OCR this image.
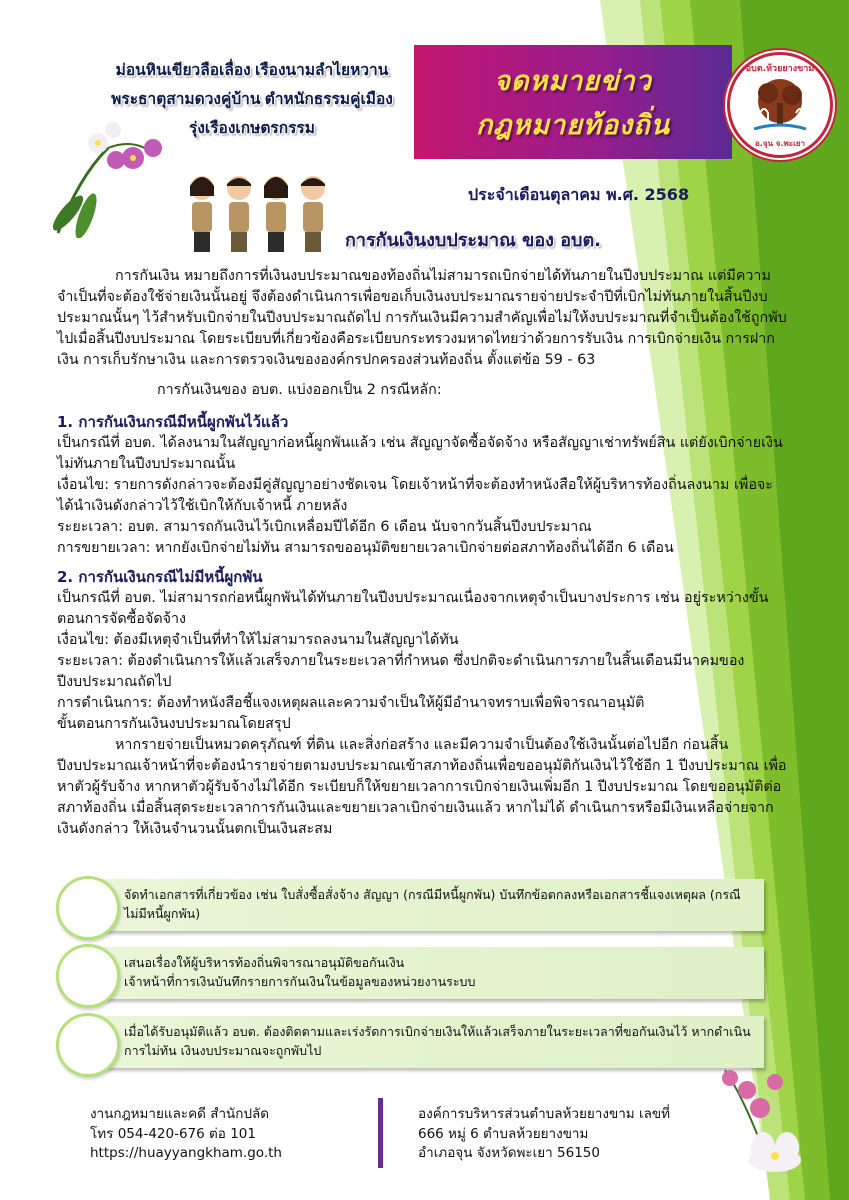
ม่อนหินเขียวลือเลื่อง เรืองนามลำไยหวาน
พระธาตุสามดวงคู่บ้าน ตำหนักธรรมคู่เมือง
รุ่งเรืองเกษตรกรรม
จดหมายข่าว
กฎหมายท้องถิ่น
อบต.ห้วยยางขาม
อ.จุน จ.พะเยา
ประจำเดือนตุลาคม พ.ศ. 2568
การกันเงินงบประมาณ ของ อบต.

การกันเงิน หมายถึงการที่เงินงบประมาณของท้องถิ่นไม่สามารถเบิกจ่ายได้ทันภายในปีงบประมาณ แต่มีความจำเป็นที่จะต้องใช้จ่ายเงินนั้นอยู่ จึงต้องดำเนินการเพื่อขอเก็บเงินงบประมาณรายจ่ายประจำปีที่เบิกไม่ทันภายในสิ้นปีงบประมาณนั้นๆ ไว้สำหรับเบิกจ่ายในปีงบประมาณถัดไป การกันเงินมีความสำคัญเพื่อไม่ให้งบประมาณที่จำเป็นต้องใช้ถูกพับไปเมื่อสิ้นปีงบประมาณ โดยระเบียบที่เกี่ยวข้องคือระเบียบกระทรวงมหาดไทยว่าด้วยการรับเงิน การเบิกจ่ายเงิน การฝากเงิน การเก็บรักษาเงิน และการตรวจเงินขององค์กรปกครองส่วนท้องถิ่น ตั้งแต่ข้อ 59 - 63

การกันเงินของ อบต. แบ่งออกเป็น 2 กรณีหลัก:

1. การกันเงินกรณีมีหนี้ผูกพันไว้แล้ว

เป็นกรณีที่ อบต. ได้ลงนามในสัญญาก่อหนี้ผูกพันแล้ว เช่น สัญญาจัดซื้อจัดจ้าง หรือสัญญาเช่าทรัพย์สิน แต่ยังเบิกจ่ายเงินไม่ทันภายในปีงบประมาณนั้น

เงื่อนไข: รายการดังกล่าวจะต้องมีคู่สัญญาอย่างชัดเจน โดยเจ้าหน้าที่จะต้องทำหนังสือให้ผู้บริหารท้องถิ่นลงนาม เพื่อจะได้นำเงินดังกล่าวไว้ใช้เบิกให้กับเจ้าหนี้ ภายหลัง

ระยะเวลา: อบต. สามารถกันเงินไว้เบิกเหลื่อมปีได้อีก 6 เดือน นับจากวันสิ้นปีงบประมาณ

การขยายเวลา: หากยังเบิกจ่ายไม่ทัน สามารถขออนุมัติขยายเวลาเบิกจ่ายต่อสภาท้องถิ่นได้อีก 6 เดือน

2. การกันเงินกรณีไม่มีหนี้ผูกพัน

เป็นกรณีที่ อบต. ไม่สามารถก่อหนี้ผูกพันได้ทันภายในปีงบประมาณเนื่องจากเหตุจำเป็นบางประการ เช่น อยู่ระหว่างขั้นตอนการจัดซื้อจัดจ้าง

เงื่อนไข: ต้องมีเหตุจำเป็นที่ทำให้ไม่สามารถลงนามในสัญญาได้ทัน

ระยะเวลา: ต้องดำเนินการให้แล้วเสร็จภายในระยะเวลาที่กำหนด ซึ่งปกติจะดำเนินการภายในสิ้นเดือนมีนาคมของปีงบประมาณถัดไป

การดำเนินการ: ต้องทำหนังสือชี้แจงเหตุผลและความจำเป็นให้ผู้มีอำนาจทราบเพื่อพิจารณาอนุมัติ

ขั้นตอนการกันเงินงบประมาณโดยสรุป

หากรายจ่ายเป็นหมวดครุภัณฑ์ ที่ดิน และสิ่งก่อสร้าง และมีความจำเป็นต้องใช้เงินนั้นต่อไปอีก ก่อนสิ้นปีงบประมาณเจ้าหน้าที่จะต้องนำรายจ่ายตามงบประมาณเข้าสภาท้องถิ่นเพื่อขออนุมัติกันเงินไว้ใช้อีก 1 ปีงบประมาณ เพื่อหาตัวผู้รับจ้าง หากหาตัวผู้รับจ้างไม่ได้อีก ระเบียบก็ให้ขยายเวลาการเบิกจ่ายเงินเพิ่มอีก 1 ปีงบประมาณ โดยขออนุมัติต่อสภาท้องถิ่น เมื่อสิ้นสุดระยะเวลาการกันเงินและขยายเวลาเบิกจ่ายเงินแล้ว หากไม่ได้ ดำเนินการหรือมีเงินเหลือจ่ายจากเงินดังกล่าว ให้เงินจำนวนนั้นตกเป็นเงินสะสม

จัดทำเอกสารที่เกี่ยวข้อง เช่น ใบสั่งซื้อสั่งจ้าง สัญญา (กรณีมีหนี้ผูกพัน) บันทึกข้อตกลงหรือเอกสารชี้แจงเหตุผล (กรณีไม่มีหนี้ผูกพัน)
เสนอเรื่องให้ผู้บริหารท้องถิ่นพิจารณาอนุมัติขอกันเงิน
เจ้าหน้าที่การเงินบันทึกรายการกันเงินในข้อมูลของหน่วยงานระบบ
เมื่อได้รับอนุมัติแล้ว อบต. ต้องติดตามและเร่งรัดการเบิกจ่ายเงินให้แล้วเสร็จภายในระยะเวลาที่ขอกันเงินไว้ หากดำเนินการไม่ทัน เงินงบประมาณจะถูกพับไป
งานกฎหมายและคดี สำนักปลัด
โทร 054-420-676 ต่อ 101
https://huayyangkham.go.th
องค์การบริหารส่วนตำบลห้วยยางขาม เลขที่
666 หมู่ 6 ตำบลห้วยยางขาม
อำเภอจุน จังหวัดพะเยา 56150
